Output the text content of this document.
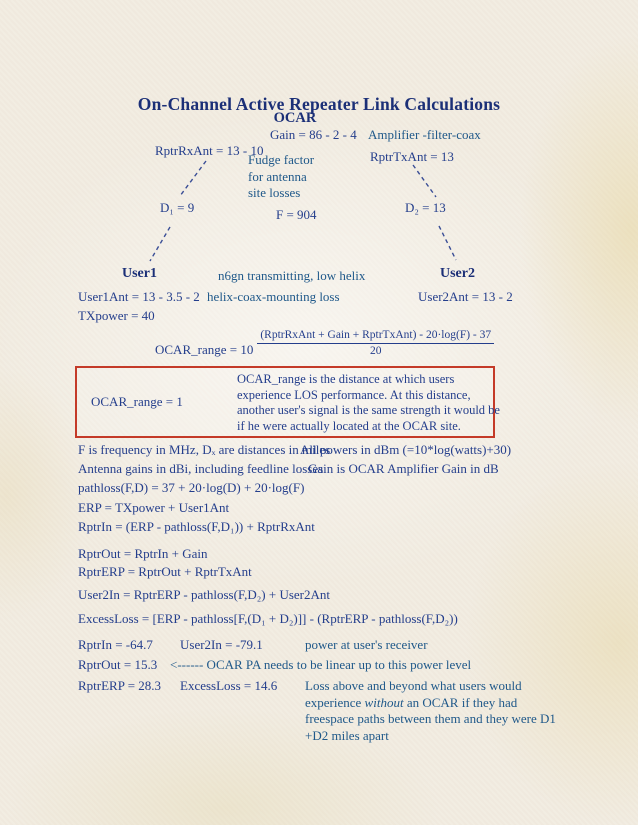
On-Channel Active Repeater Link Calculations
OCAR
Gain = 86 - 2 - 4 Amplifier -filter-coax
RptrRxAnt = 13 - 10	RptrTxAnt = 13
Fudge factor
for antenna
site losses
D₁ = 9	F = 904	D₂ = 13
User1	n6gn transmitting, low helix	User2
User1Ant = 13 - 3.5 - 2 helix-coax-mounting loss	User2Ant = 13 - 2
TXpower = 40
OCAR_range = $10 \frac{\text{(RptrRxAnt + Gain + RptrTxAnt) - 20·log(F) - 37}}{20}$
OCAR_range = 1
OCAR_range is the distance at which users experience LOS performance. At this distance, another user's signal is the same strength it would be if he were actually located at the OCAR site.
F is frequency in MHz, Dₓ are distances in miles
All powers in dBm (=10*log(watts)+30)
Antenna gains in dBi, including feedline losses
Gain is OCAR Amplifier Gain in dB
pathloss(F,D) = 37 + 20·log(D) + 20·log(F)
ERP = TXpower + User1Ant
RptrIn = (ERP - pathloss(F,D₁)) + RptrRxAnt
RptrOut = RptrIn + Gain
RptrERP = RptrOut + RptrTxAnt
User2In = RptrERP - pathloss(F,D₂) + User2Ant
ExcessLoss = [ERP - pathloss[F,(D₁ + D₂)]] - (RptrERP - pathloss(F,D₂))
RptrIn = -64.7 User2In = -79.1	power at user's receiver
RptrOut = 15.3 <------ OCAR PA needs to be linear up to this power level
RptrERP = 28.3 ExcessLoss = 14.6 Loss above and beyond what users would experience without an OCAR if they had freespace paths between them and they were D1 +D2 miles apart
